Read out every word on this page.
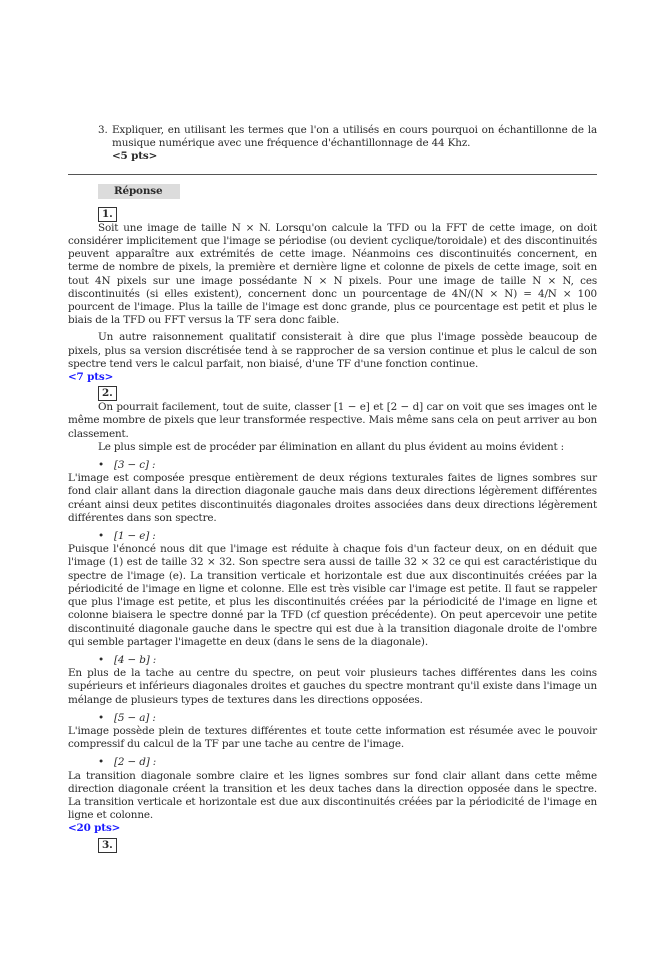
3. Expliquer, en utilisant les termes que l'on a utilisés en cours pourquoi on échantillonne de la musique numérique avec une fréquence d'échantillonnage de 44 Khz.
<5 pts>
Réponse
1.

Soit une image de taille N × N. Lorsqu'on calcule la TFD ou la FFT de cette image, on doit considérer implicitement que l'image se périodise (ou devient cyclique/toroidale) et des discontinuités peuvent apparaître aux extrémités de cette image. Néanmoins ces discontinuités concernent, en terme de nombre de pixels, la première et dernière ligne et colonne de pixels de cette image, soit en tout 4N pixels sur une image possédante N × N pixels. Pour une image de taille N × N, ces discontinuités (si elles existent), concernent donc un pourcentage de 4N/(N × N) = 4/N × 100 pourcent de l'image. Plus la taille de l'image est donc grande, plus ce pourcentage est petit et plus le biais de la TFD ou FFT versus la TF sera donc faible.

Un autre raisonnement qualitatif consisterait à dire que plus l'image possède beaucoup de pixels, plus sa version discrétisée tend à se rapprocher de sa version continue et plus le calcul de son spectre tend vers le calcul parfait, non biaisé, d'une TF d'une fonction continue.

<7 pts>
2.

On pourrait facilement, tout de suite, classer [1 − e] et [2 − d] car on voit que ses images ont le même mombre de pixels que leur transformée respective. Mais même sans cela on peut arriver au bon classement.

Le plus simple est de procéder par élimination en allant du plus évident au moins évident :

• [3 − c] :

L'image est composée presque entièrement de deux régions texturales faites de lignes sombres sur fond clair allant dans la direction diagonale gauche mais dans deux directions légèrement différentes créant ainsi deux petites discontinuités diagonales droites associées dans deux directions légèrement différentes dans son spectre.

• [1 − e] :

Puisque l'énoncé nous dit que l'image est réduite à chaque fois d'un facteur deux, on en déduit que l'image (1) est de taille 32 × 32. Son spectre sera aussi de taille 32 × 32 ce qui est caractéristique du spectre de l'image (e). La transition verticale et horizontale est due aux discontinuités créées par la périodicité de l'image en ligne et colonne. Elle est très visible car l'image est petite. Il faut se rappeler que plus l'image est petite, et plus les discontinuités créées par la périodicité de l'image en ligne et colonne biaisera le spectre donné par la TFD (cf question précédente). On peut apercevoir une petite discontinuité diagonale gauche dans le spectre qui est due à la transition diagonale droite de l'ombre qui semble partager l'imagette en deux (dans le sens de la diagonale).

• [4 − b] :

En plus de la tache au centre du spectre, on peut voir plusieurs taches différentes dans les coins supérieurs et inférieurs diagonales droites et gauches du spectre montrant qu'il existe dans l'image un mélange de plusieurs types de textures dans les directions opposées.

• [5 − a] :

L'image possède plein de textures différentes et toute cette information est résumée avec le pouvoir compressif du calcul de la TF par une tache au centre de l'image.

• [2 − d] :

La transition diagonale sombre claire et les lignes sombres sur fond clair allant dans cette même direction diagonale créent la transition et les deux taches dans la direction opposée dans le spectre. La transition verticale et horizontale est due aux discontinuités créées par la périodicité de l'image en ligne et colonne.

<20 pts>
3.
